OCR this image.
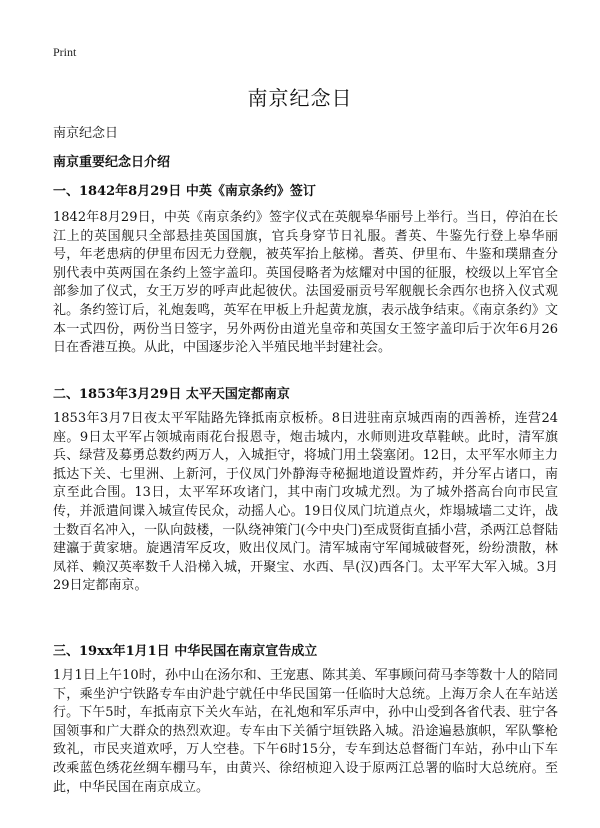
Print
南京纪念日
南京纪念日
南京重要纪念日介绍
一、1842年8月29日 中英《南京条约》签订

1842年8月29日，中英《南京条约》签字仪式在英舰皋华丽号上举行。当日，停泊在长江上的英国舰只全部悬挂英国国旗，官兵身穿节日礼服。耆英、牛鉴先行登上皋华丽号，年老患病的伊里布因无力登舰，被英军抬上舷梯。耆英、伊里布、牛鉴和璞鼎查分别代表中英两国在条约上签字盖印。英国侵略者为炫耀对中国的征服，校级以上军官全部参加了仪式，女王万岁的呼声此起彼伏。法国爱丽贡号军舰舰长余西尔也挤入仪式观礼。条约签订后，礼炮轰鸣，英军在甲板上升起黄龙旗，表示战争结束。《南京条约》文本一式四份，两份当日签字，另外两份由道光皇帝和英国女王签字盖印后于次年6月26日在香港互换。从此，中国逐步沦入半殖民地半封建社会。

二、1853年3月29日 太平天国定都南京

1853年3月7日夜太平军陆路先锋抵南京板桥。8日进驻南京城西南的西善桥，连营24座。9日太平军占领城南雨花台报恩寺，炮击城内，水师则进攻草鞋峡。此时，清军旗兵、绿营及募勇总数约两万人，入城拒守，将城门用土袋塞闭。12日，太平军水师主力抵达下关、七里洲、上新河，于仪凤门外静海寺秘掘地道设置炸药，并分军占诸口，南京至此合围。13日，太平军环攻诸门，其中南门攻城尤烈。为了城外搭高台向市民宣传，并派遣间谍入城宣传民众，动摇人心。19日仪凤门坑道点火，炸塌城墙二丈许，战士数百名冲入，一队向鼓楼，一队绕神策门(今中央门)至成贤街直插小营，杀两江总督陆建瀛于黄家塘。旋遇清军反攻，败出仪凤门。清军城南守军闻城破督死，纷纷溃散，林凤祥、赖汉英率数千人沿梯入城，开聚宝、水西、旱(汉)西各门。太平军大军入城。3月29日定都南京。

三、19xx年1月1日 中华民国在南京宣告成立

1月1日上午10时，孙中山在汤尔和、王宠惠、陈其美、军事顾问荷马李等数十人的陪同下，乘坐沪宁铁路专车由沪赴宁就任中华民国第一任临时大总统。上海万余人在车站送行。下午5时，车抵南京下关火车站，在礼炮和军乐声中，孙中山受到各省代表、驻宁各国领事和广大群众的热烈欢迎。专车由下关循宁垣铁路入城。沿途遍悬旗帜，军队擎枪致礼，市民夹道欢呼，万人空巷。下午6时15分，专车到达总督衙门车站，孙中山下车改乘蓝色绣花丝绸车棚马车，由黄兴、徐绍桢迎入设于原两江总署的临时大总统府。至此，中华民国在南京成立。
